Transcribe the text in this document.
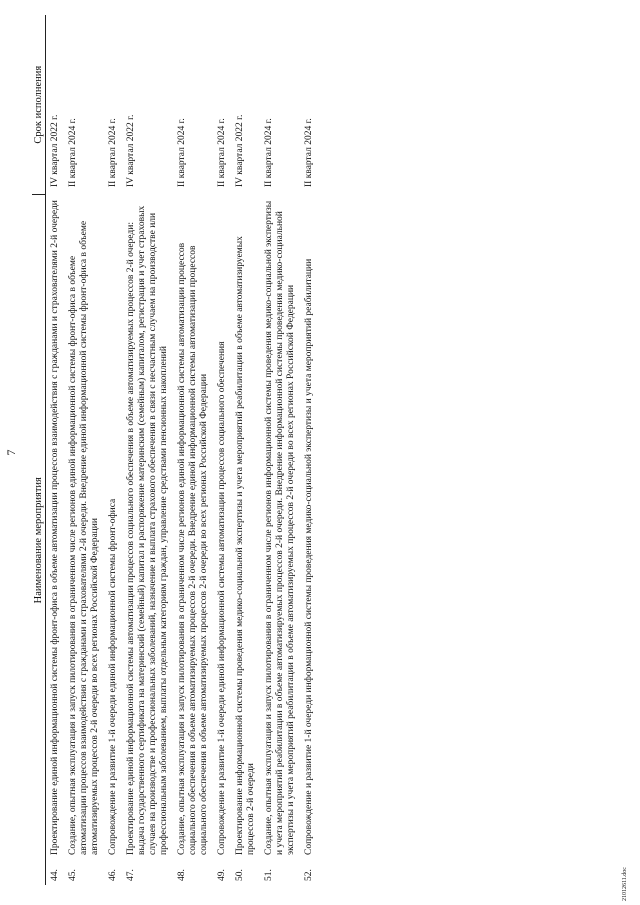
7
Наименование мероприятия		Срок исполнения
44.	Проектирование единой информационной системы фронт-офиса в объеме автоматизации процессов взаимодействия с гражданами и страхователями 2-й очереди	IV квартал 2022 г.
45.	Создание, опытная эксплуатация и запуск пилотирования в ограниченном числе регионов единой информационной системы фронт-офиса в объеме автоматизации процессов взаимодействия с гражданами и страхователями 2-й очереди. Внедрение единой информационной системы фронт-офиса в объеме автоматизируемых процессов 2-й очереди во всех регионах Российской Федерации	II квартал 2024 г.
46.	Сопровождение и развитие 1-й очереди единой информационной системы фронт-офиса	II квартал 2024 г.
47.	Проектирование единой информационной системы автоматизации процессов социального обеспечения в объеме автоматизируемых процессов 2-й очереди: выдача государственного сертификата на материнский (семейный) капитал и распоряжение материнским (семейным) капиталом, регистрация и учет страховых случаев на производстве и профессиональных заболеваний, назначение и выплата страхового обеспечения в связи с несчастным случаем на производстве или профессиональным заболеванием, выплаты отдельным категориям граждан, управление средствами пенсионных накоплений	IV квартал 2022 г.
48.	Создание, опытная эксплуатация и запуск пилотирования в ограниченном числе регионов единой информационной системы автоматизации процессов социального обеспечения в объеме автоматизируемых процессов 2-й очереди. Внедрение единой информационной системы автоматизации процессов социального обеспечения в объеме автоматизируемых процессов 2-й очереди во всех регионах Российской Федерации	II квартал 2024 г.
49.	Сопровождение и развитие 1-й очереди единой информационной системы автоматизации процессов социального обеспечения	II квартал 2024 г.
50.	Проектирование информационной системы проведения медико-социальной экспертизы и учета мероприятий реабилитации в объеме автоматизируемых процессов 2-й очереди	IV квартал 2022 г.
51.	Создание, опытная эксплуатация и запуск пилотирования в ограниченном числе регионов информационной системы проведения медико-социальной экспертизы и учета мероприятий реабилитации в объеме автоматизируемых процессов 2-й очереди. Внедрение информационной системы проведения медико-социальной экспертизы и учета мероприятий реабилитации в объеме автоматизируемых процессов 2-й очереди во всех регионах Российской Федерации	II квартал 2024 г.
52.	Сопровождение и развитие 1-й очереди информационной системы проведения медико-социальной экспертизы и учета мероприятий реабилитации	II квартал 2024 г.
21012611.doc
